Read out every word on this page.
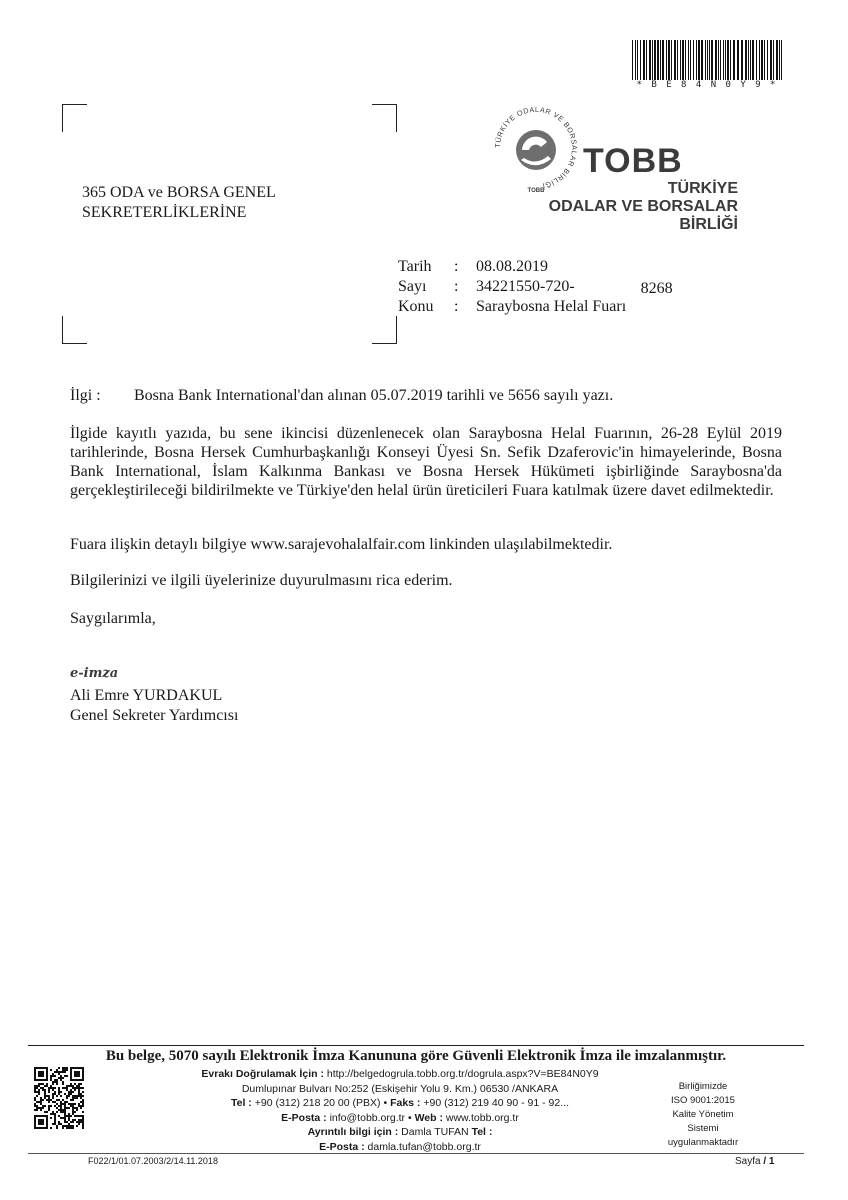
* B E 8 4 N 0 Y 9 *
365 ODA ve BORSA GENEL
SEKRETERLİKLERİNE
TÜRKİYE ODALAR VE BORSALAR BİRLİĞİ
TOBB
TOBB
TÜRKİYE
ODALAR VE BORSALAR
BİRLİĞİ
Tarih	:	08.08.2019
Sayı	:	34221550-720-	8268
Konu	:	Saraybosna Helal Fuarı
İlgi :	Bosna Bank International'dan alınan 05.07.2019 tarihli ve 5656 sayılı yazı.
İlgide kayıtlı yazıda, bu sene ikincisi düzenlenecek olan Saraybosna Helal Fuarının, 26-28 Eylül 2019 tarihlerinde, Bosna Hersek Cumhurbaşkanlığı Konseyi Üyesi Sn. Sefik Dzaferovic'in himayelerinde, Bosna Bank International, İslam Kalkınma Bankası ve Bosna Hersek Hükümeti işbirliğinde Saraybosna'da gerçekleştirileceği bildirilmekte ve Türkiye'den helal ürün üreticileri Fuara katılmak üzere davet edilmektedir.
Fuara ilişkin detaylı bilgiye www.sarajevohalalfair.com linkinden ulaşılabilmektedir.
Bilgilerinizi ve ilgili üyelerinize duyurulmasını rica ederim.
Saygılarımla,
e-imza
Ali Emre YURDAKUL
Genel Sekreter Yardımcısı
Bu belge, 5070 sayılı Elektronik İmza Kanununa göre Güvenli Elektronik İmza ile imzalanmıştır.
Evrakı Doğrulamak İçin : http://belgedogrula.tobb.org.tr/dogrula.aspx?V=BE84N0Y9
Dumlupınar Bulvarı No:252 (Eskişehir Yolu 9. Km.) 06530 /ANKARA
Tel : +90 (312) 218 20 00 (PBX) • Faks : +90 (312) 219 40 90 - 91 - 92...
E-Posta : info@tobb.org.tr • Web : www.tobb.org.tr
Ayrıntılı bilgi için : Damla TUFAN Tel :
E-Posta : damla.tufan@tobb.org.tr
Birliğimizde
ISO 9001:2015
Kalite Yönetim
Sistemi
uygulanmaktadır
F022/1/01.07.2003/2/14.11.2018	Sayfa / 1
